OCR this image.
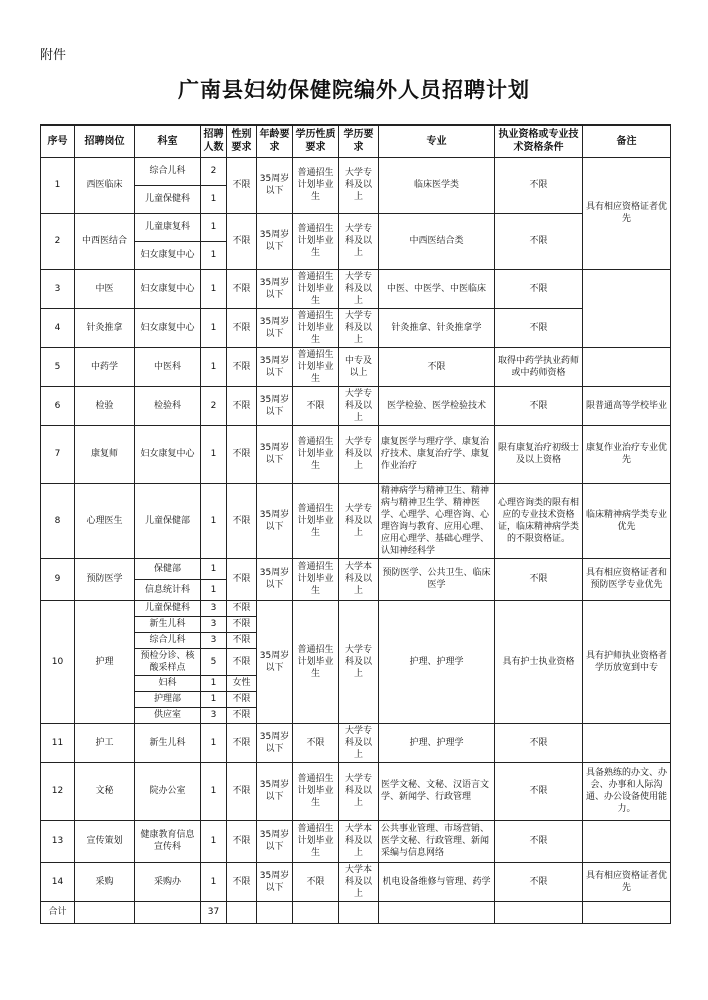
附件
广南县妇幼保健院编外人员招聘计划
序号	招聘岗位	科室	招聘人数	性别要求	年龄要求	学历性质要求	学历要求	专业	执业资格或专业技术资格条件	备注
1	西医临床	综合儿科	2	不限	35周岁以下	普通招生计划毕业生	大学专科及以上	临床医学类	不限	具有相应资格证者优先
		儿童保健科	1							
2	中西医结合	儿童康复科	1	不限	35周岁以下	普通招生计划毕业生	大学专科及以上	中西医结合类	不限	
		妇女康复中心	1							
3	中医	妇女康复中心	1	不限	35周岁以下	普通招生计划毕业生	大学专科及以上	中医、中医学、中医临床	不限	
4	针灸推拿	妇女康复中心	1	不限	35周岁以下	普通招生计划毕业生	大学专科及以上	针灸推拿、针灸推拿学	不限	
5	中药学	中医科	1	不限	35周岁以下	普通招生计划毕业生	中专及以上	不限	取得中药学执业药师或中药师资格	
6	检验	检验科	2	不限	35周岁以下	不限	大学专科及以上	医学检验、医学检验技术	不限	限普通高等学校毕业
7	康复师	妇女康复中心	1	不限	35周岁以下	普通招生计划毕业生	大学专科及以上	康复医学与理疗学、康复治疗技术、康复治疗学、康复作业治疗	限有康复治疗初级士及以上资格	康复作业治疗专业优先
8	心理医生	儿童保健部	1	不限	35周岁以下	普通招生计划毕业生	大学专科及以上	精神病学与精神卫生、精神病与精神卫生学、精神医学、心理学、心理咨询、心理咨询与教育、应用心理、应用心理学、基础心理学、认知神经科学	心理咨询类的限有相应的专业技术资格证，临床精神病学类的不限资格证。	临床精神病学类专业优先
9	预防医学	保健部	1	不限	35周岁以下	普通招生计划毕业生	大学本科及以上	预防医学、公共卫生、临床医学	不限	具有相应资格证者和预防医学专业优先
		信息统计科	1							
10	护理	儿童保健科	3	不限	35周岁以下	普通招生计划毕业生	大学专科及以上	护理、护理学	具有护士执业资格	具有护师执业资格者学历放宽到中专
		新生儿科	3	不限						
		综合儿科	3	不限						
		预检分诊、核酸采样点	5	不限						
		妇科	1	女性						
		护理部	1	不限						
		供应室	3	不限						
11	护工	新生儿科	1	不限	35周岁以下	不限	大学专科及以上	护理、护理学	不限	
12	文秘	院办公室	1	不限	35周岁以下	普通招生计划毕业生	大学专科及以上	医学文秘、文秘、汉语言文学、新闻学、行政管理	不限	具备熟练的办文、办会、办事和人际沟通、办公设备使用能力。
13	宣传策划	健康教育信息宣传科	1	不限	35周岁以下	普通招生计划毕业生	大学本科及以上	公共事业管理、市场营销、医学文秘、行政管理、新闻采编与信息网络	不限	
14	采购	采购办	1	不限	35周岁以下	不限	大学本科及以上	机电设备维修与管理、药学	不限	具有相应资格证者优先
合计			37							
